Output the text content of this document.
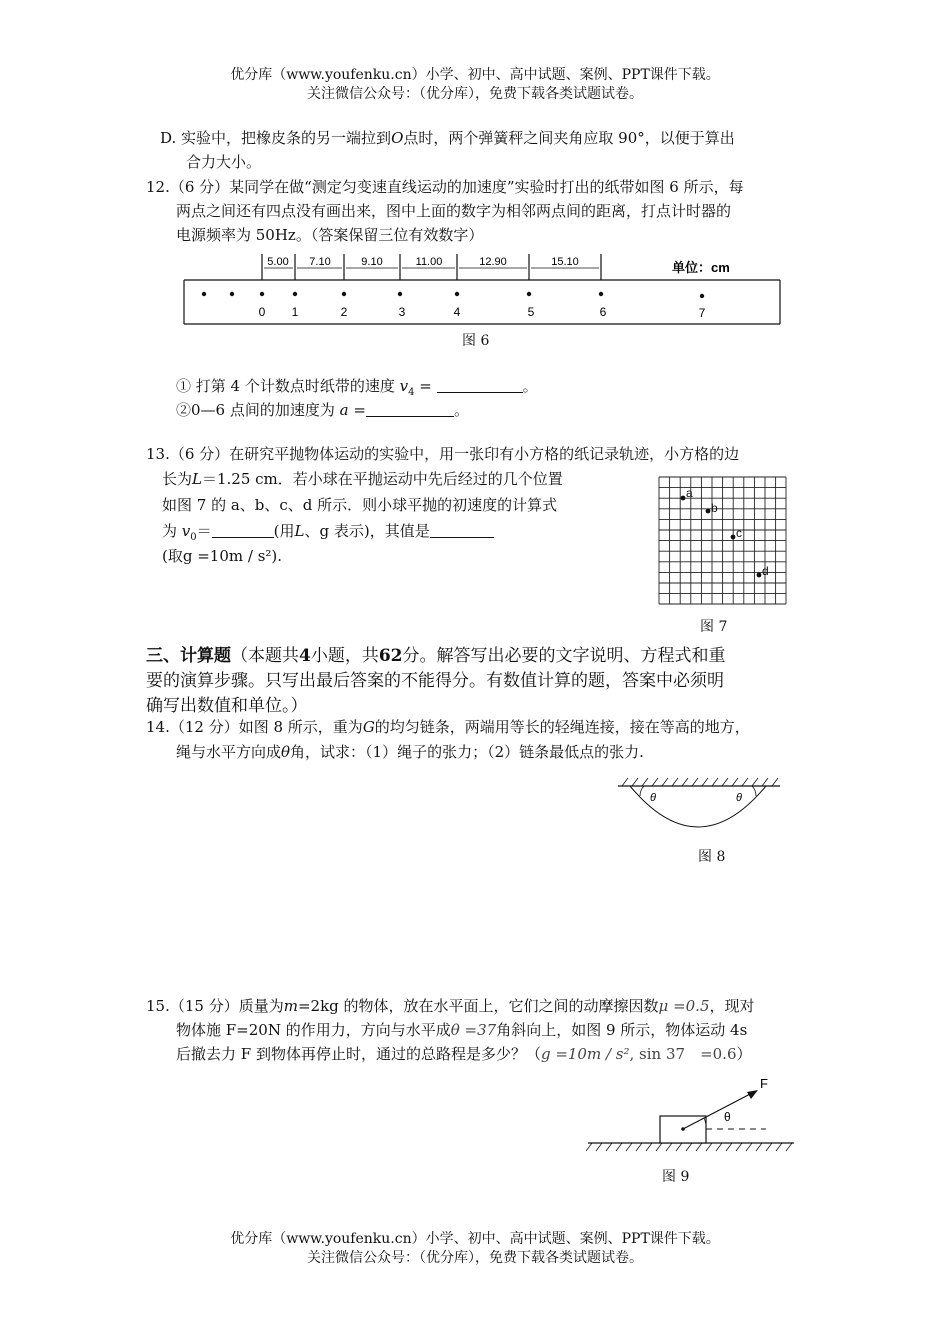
优分库（www.youfenku.cn）小学、初中、高中试题、案例、PPT课件下载。
关注微信公众号：（优分库），免费下载各类试题试卷。
D. 实验中，把橡皮条的另一端拉到O点时，两个弹簧秤之间夹角应取 90°，以便于算出
合力大小。
12.（6 分）某同学在做“测定匀变速直线运动的加速度”实验时打出的纸带如图 6 所示，每
两点之间还有四点没有画出来，图中上面的数字为相邻两点间的距离，打点计时器的
电源频率为 50Hz。（答案保留三位有效数字）
5.00 7.10	9.10	11.00	12.90	15.10	单位：cm
0 1	2	3	4	5	6	7
图 6
① 打第 4 个计数点时纸带的速度 $v_4$ =	。
②0—6 点间的加速度为 a =	。
13.（6 分）在研究平抛物体运动的实验中，用一张印有小方格的纸记录轨迹，小方格的边
长为L＝1.25 cm．若小球在平抛运动中先后经过的几个位置
如图 7 的 a、b、c、d 所示．则小球平抛的初速度的计算式
为 $v_0=$	(用L、g 表示)，其值是
(取g =10m / s²).
a
b
c
d
图 7
三、计算题（本题共4小题，共62分。解答写出必要的文字说明、方程式和重
要的演算步骤。只写出最后答案的不能得分。有数值计算的题，答案中必须明
确写出数值和单位。）
14.（12 分）如图 8 所示，重为G的均匀链条，两端用等长的轻绳连接，接在等高的地方，
绳与水平方向成θ角，试求：（1）绳子的张力；（2）链条最低点的张力.
θ	θ
图 8
15.（15 分）质量为m=2kg 的物体，放在水平面上，它们之间的动摩擦因数μ =0.5，现对
物体施 F=20N 的作用力，方向与水平成θ =37角斜向上，如图 9 所示，物体运动 4s
后撤去力 F 到物体再停止时，通过的总路程是多少？（g =10m / s², sin 37　=0.6）
F
θ
图 9
优分库（www.youfenku.cn）小学、初中、高中试题、案例、PPT课件下载。
关注微信公众号：（优分库），免费下载各类试题试卷。
